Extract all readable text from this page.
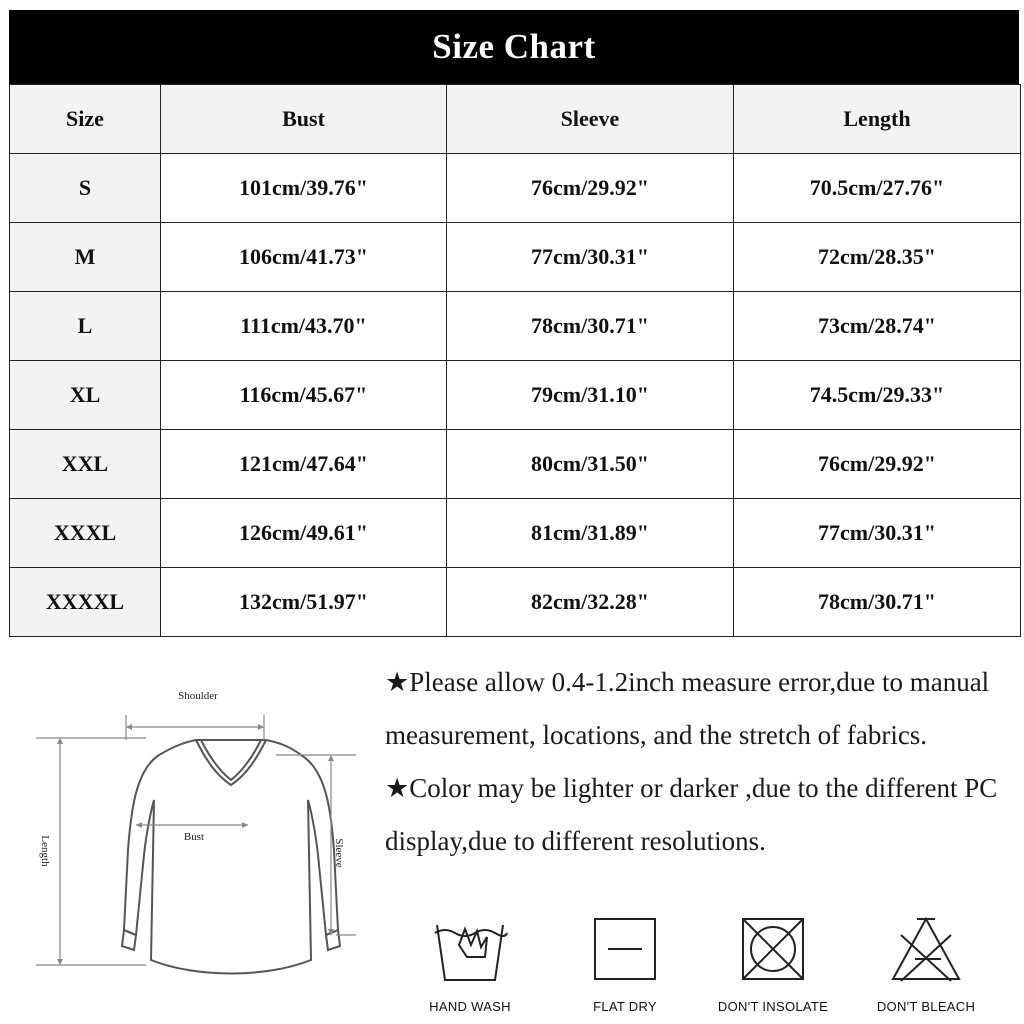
Size Chart
Size	Bust	Sleeve	Length
S	101cm/39.76"	76cm/29.92"	70.5cm/27.76"
M	106cm/41.73"	77cm/30.31"	72cm/28.35"
L	111cm/43.70"	78cm/30.71"	73cm/28.74"
XL	116cm/45.67"	79cm/31.10"	74.5cm/29.33"
XXL	121cm/47.64"	80cm/31.50"	76cm/29.92"
XXXL	126cm/49.61"	81cm/31.89"	77cm/30.31"
XXXXL	132cm/51.97"	82cm/32.28"	78cm/30.71"
Shoulder
Bust
Length	Sleeve

★Please allow 0.4-1.2inch measure error,due to manual measurement, locations, and the stretch of fabrics.

★Color may be lighter or darker ,due to the different PC display,due to different resolutions.

HAND WASH	FLAT DRY	DON'T INSOLATE	DON'T BLEACH
